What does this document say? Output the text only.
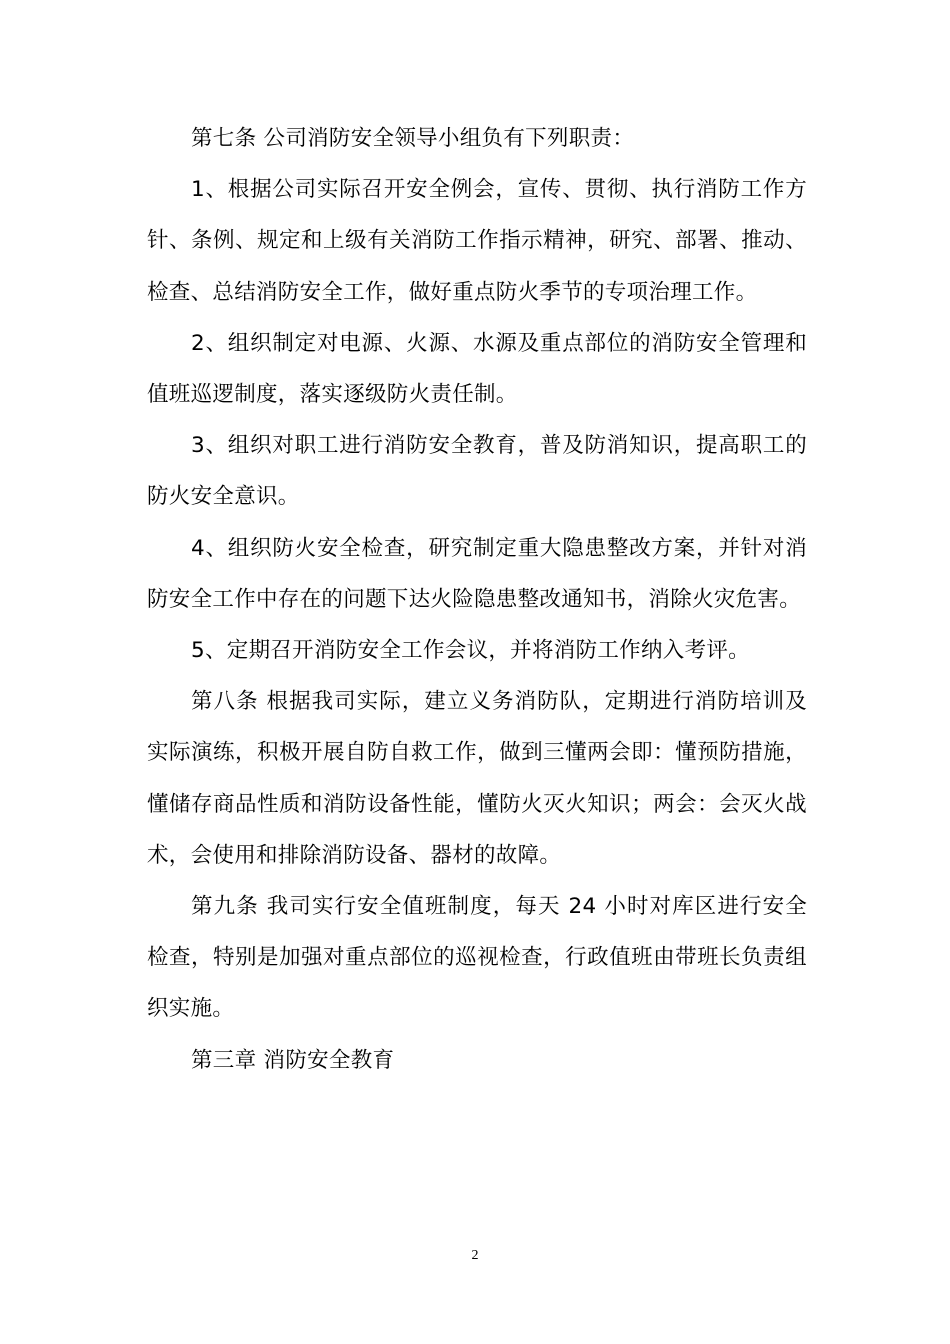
第七条 公司消防安全领导小组负有下列职责：

1、根据公司实际召开安全例会，宣传、贯彻、执行消防工作方针、条例、规定和上级有关消防工作指示精神，研究、部署、推动、检查、总结消防安全工作，做好重点防火季节的专项治理工作。

2、组织制定对电源、火源、水源及重点部位的消防安全管理和值班巡逻制度，落实逐级防火责任制。

3、组织对职工进行消防安全教育，普及防消知识，提高职工的防火安全意识。

4、组织防火安全检查，研究制定重大隐患整改方案，并针对消防安全工作中存在的问题下达火险隐患整改通知书，消除火灾危害。

5、定期召开消防安全工作会议，并将消防工作纳入考评。

第八条 根据我司实际，建立义务消防队，定期进行消防培训及实际演练，积极开展自防自救工作，做到三懂两会即：懂预防措施，懂储存商品性质和消防设备性能，懂防火灭火知识；两会：会灭火战术，会使用和排除消防设备、器材的故障。

第九条 我司实行安全值班制度，每天 24 小时对库区进行安全检查，特别是加强对重点部位的巡视检查，行政值班由带班长负责组织实施。

第三章 消防安全教育

2
